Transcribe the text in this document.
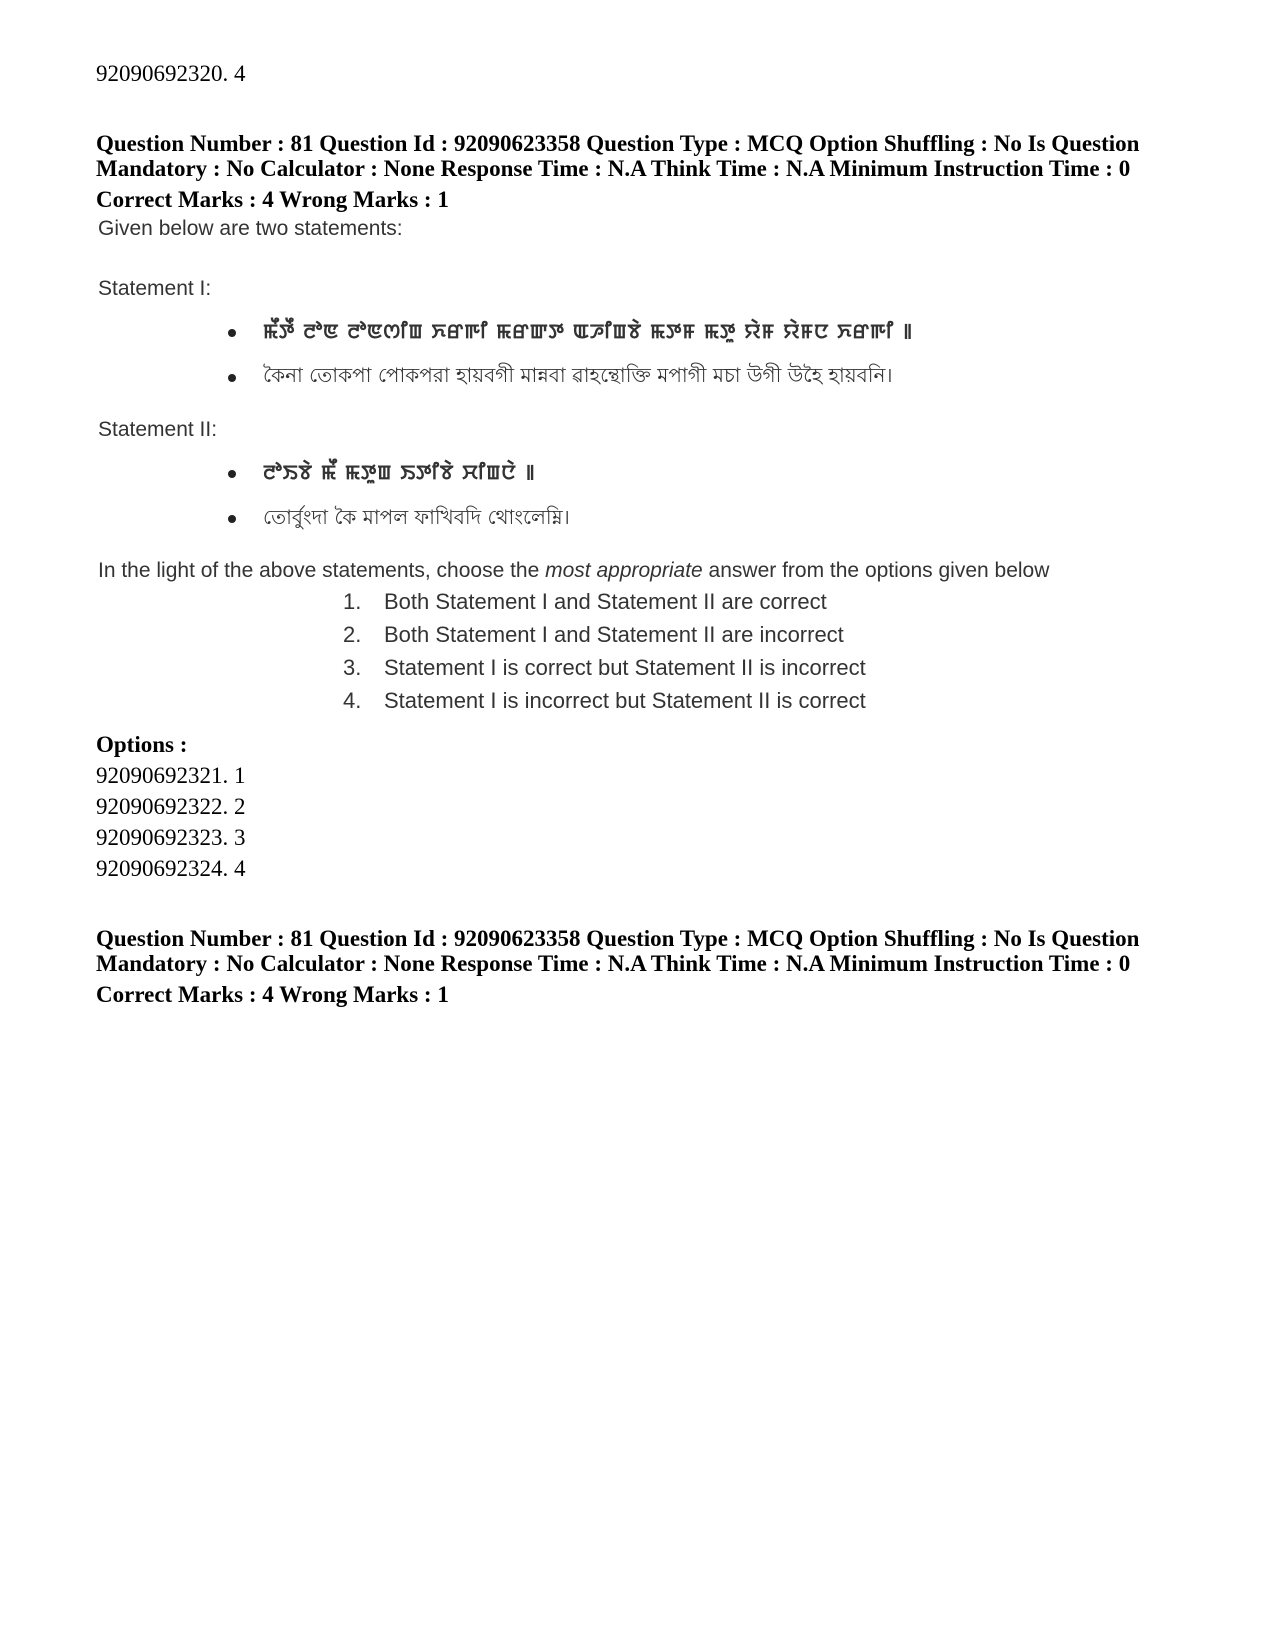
92090692320. 4
Question Number : 81 Question Id : 92090623358 Question Type : MCQ Option Shuffling : No Is Question
Mandatory : No Calculator : None Response Time : N.A Think Time : N.A Minimum Instruction Time : 0
Correct Marks : 4 Wrong Marks : 1
Given below are two statements:
Statement I:
ꯃꯩꯇꯩ ꯂꯣꯟ ꯂꯣꯟꯁꯤꯡ ꯈꯔꯒꯤ ꯃꯔꯛꯇ ꯑꯍꯤꯡꯕꯥ ꯃꯇꯝ ꯃꯇꯨ ꯌꯥꯝ ꯌꯥꯝꯅ ꯈꯔꯒꯤ ꯫
কৈনা তোকপা পোকপরা হায়বগী মান্নবা ৱাহন্থোক্তি মপাগী মচা উগী উহৈ হায়বনি।
Statement II:
ꯂꯣꯏꯕꯥ ꯃꯩ ꯃꯇꯨꯡ ꯏꯇꯤꯕꯥ ꯆꯤꯡꯅꯥ ꯫
তোৰ্বুংদা কৈ মাপল ফাখিবদি থোংলেম্নি।
In the light of the above statements, choose the most appropriate answer from the options given below
1. Both Statement I and Statement II are correct
2. Both Statement I and Statement II are incorrect
3. Statement I is correct but Statement II is incorrect
4. Statement I is incorrect but Statement II is correct
Options :
92090692321. 1
92090692322. 2
92090692323. 3
92090692324. 4
Question Number : 81 Question Id : 92090623358 Question Type : MCQ Option Shuffling : No Is Question
Mandatory : No Calculator : None Response Time : N.A Think Time : N.A Minimum Instruction Time : 0
Correct Marks : 4 Wrong Marks : 1
